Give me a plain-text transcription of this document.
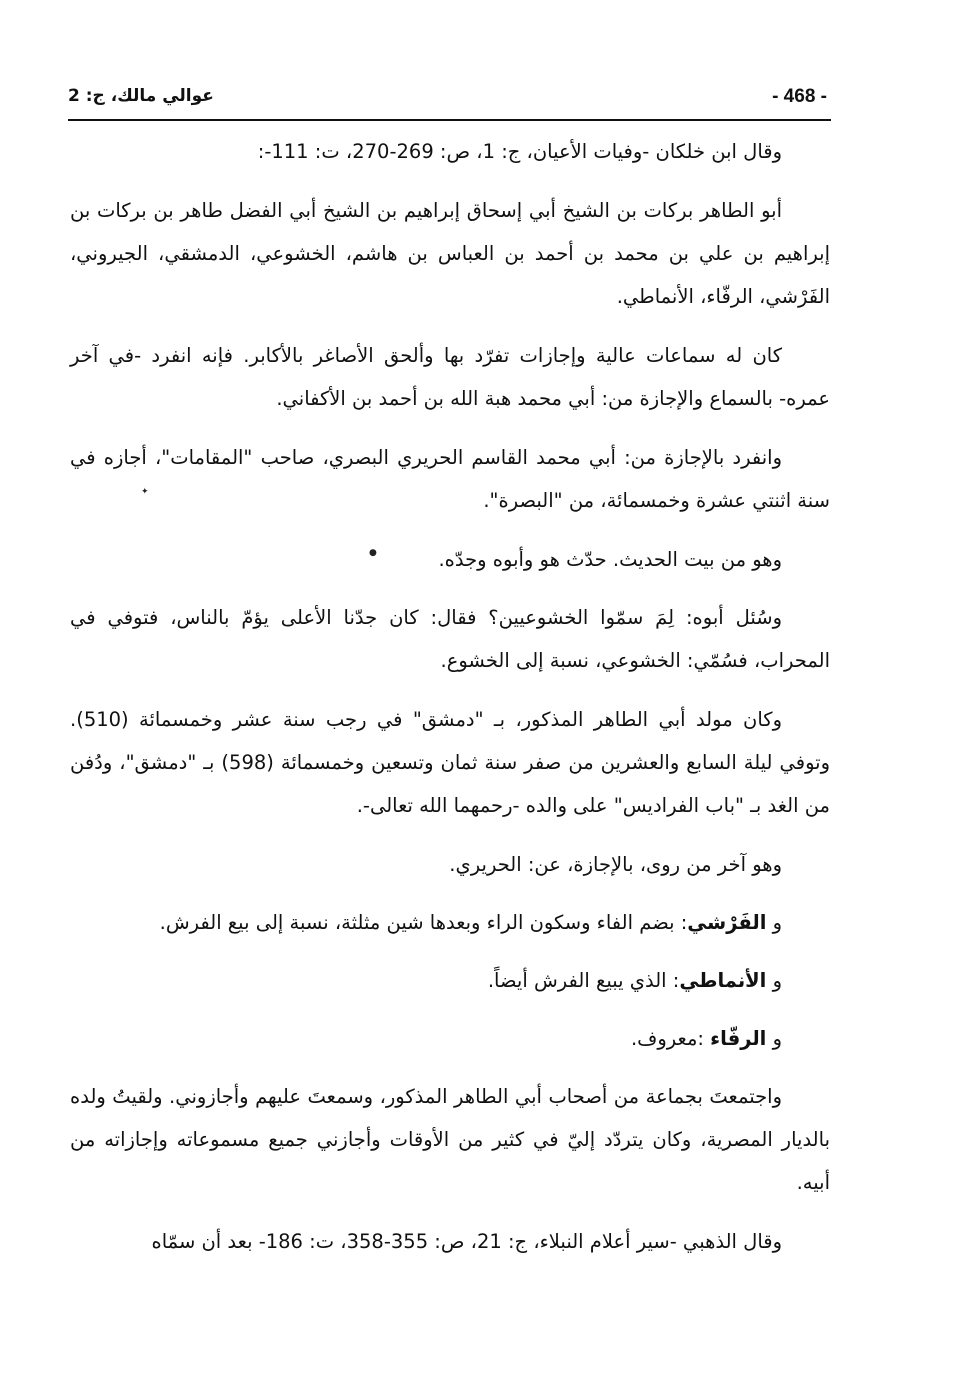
- 468 -
عوالي مالك، ج: 2

وقال ابن خلكان -وفيات الأعيان، ج: 1، ص: 269-270، ت: 111-:

أبو الطاهر بركات بن الشيخ أبي إسحاق إبراهيم بن الشيخ أبي الفضل طاهر بن بركات بن إبراهيم بن علي بن محمد بن أحمد بن العباس بن هاشم، الخشوعي، الدمشقي، الجيروني، الفَرْشي، الرفّاء، الأنماطي.

كان له سماعات عالية وإجازات تفرّد بها وألحق الأصاغر بالأكابر. فإنه انفرد -في آخر عمره- بالسماع والإجازة من: أبي محمد هبة الله بن أحمد بن الأكفاني.

وانفرد بالإجازة من: أبي محمد القاسم الحريري البصري، صاحب "المقامات"، أجازه في سنة اثنتي عشرة وخمسمائة، من "البصرة".

وهو من بيت الحديث. حدّث هو وأبوه وجدّه.

وسُئل أبوه: لِمَ سمّوا الخشوعيين؟ فقال: كان جدّنا الأعلى يؤمّ بالناس، فتوفي في المحراب، فسُمّي: الخشوعي، نسبة إلى الخشوع.

وكان مولد أبي الطاهر المذكور، بـ "دمشق" في رجب سنة عشر وخمسمائة (510). وتوفي ليلة السابع والعشرين من صفر سنة ثمان وتسعين وخمسمائة (598) بـ "دمشق"، ودُفن من الغد بـ "باب الفراديس" على والده -رحمهما الله تعالى-.

وهو آخر من روى، بالإجازة، عن: الحريري.

و الفَرْشي: بضم الفاء وسكون الراء وبعدها شين مثلثة، نسبة إلى بيع الفرش.

و الأنماطي: الذي يبيع الفرش أيضاً.

و الرفّاء :معروف.

واجتمعتَ بجماعة من أصحاب أبي الطاهر المذكور، وسمعتَ عليهم وأجازوني. ولقيتُ ولده بالديار المصرية، وكان يتردّد إليّ في كثير من الأوقات وأجازني جميع مسموعاته وإجازاته من أبيه.

وقال الذهبي -سير أعلام النبلاء، ج: 21، ص: 355-358، ت: 186- بعد أن سمّاه

✦
●
